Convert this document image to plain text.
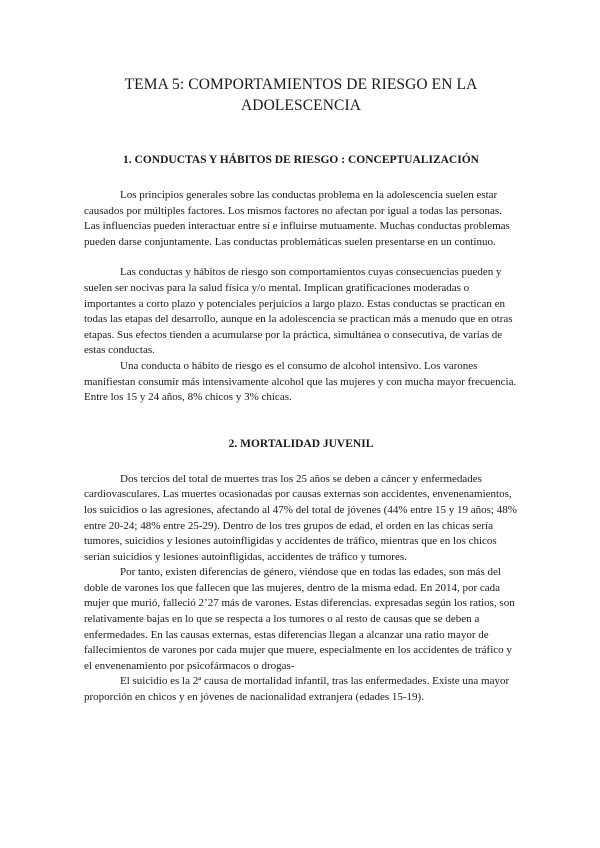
TEMA 5: COMPORTAMIENTOS DE RIESGO EN LA ADOLESCENCIA
1. CONDUCTAS Y HÁBITOS DE RIESGO : CONCEPTUALIZACIÓN

Los principios generales sobre las conductas problema en la adolescencia suelen estar causados por múltiples factores. Los mismos factores no afectan por igual a todas las personas. Las influencias pueden interactuar entre sí e influirse mutuamente. Muchas conductas problemas pueden darse conjuntamente. Las conductas problemáticas suelen presentarse en un continuo.

Las conductas y hábitos de riesgo son comportamientos cuyas consecuencias pueden y suelen ser nocivas para la salud física y/o mental. Implican gratificaciones moderadas o importantes a corto plazo y potenciales perjuicios a largo plazo. Estas conductas se practican en todas las etapas del desarrollo, aunque en la adolescencia se practican más a menudo que en otras etapas. Sus efectos tienden a acumularse por la práctica, simultánea o consecutiva, de varias de estas conductas.

Una conducta o hábito de riesgo es el consumo de alcohol intensivo. Los varones manifiestan consumir más intensivamente alcohol que las mujeres y con mucha mayor frecuencia. Entre los 15 y 24 años, 8% chicos y 3% chicas.

2. MORTALIDAD JUVENIL

Dos tercios del total de muertes tras los 25 años se deben a cáncer y enfermedades cardiovasculares. Las muertes ocasionadas por causas externas son accidentes, envenenamientos, los suicidios o las agresiones, afectando al 47% del total de jóvenes (44% entre 15 y 19 años; 48% entre 20-24; 48% entre 25-29). Dentro de los tres grupos de edad, el orden en las chicas sería tumores, suicidios y lesiones autoinfligidas y accidentes de tráfico, mientras que en los chicos serían suicidios y lesiones autoinfligidas, accidentes de tráfico y tumores.

Por tanto, existen diferencias de género, viéndose que en todas las edades, son más del doble de varones los que fallecen que las mujeres, dentro de la misma edad. En 2014, por cada mujer que murió, falleció 2’27 más de varones. Estas diferencias. expresadas según los ratios, son relativamente bajas en lo que se respecta a los tumores o al resto de causas que se deben a enfermedades. En las causas externas, estas diferencias llegan a alcanzar una ratio mayor de fallecimientos de varones por cada mujer que muere, especialmente en los accidentes de tráfico y el envenenamiento por psicofármacos o drogas-

El suicidio es la 2ª causa de mortalidad infantil, tras las enfermedades. Existe una mayor proporción en chicos y en jóvenes de nacionalidad extranjera (edades 15-19).
